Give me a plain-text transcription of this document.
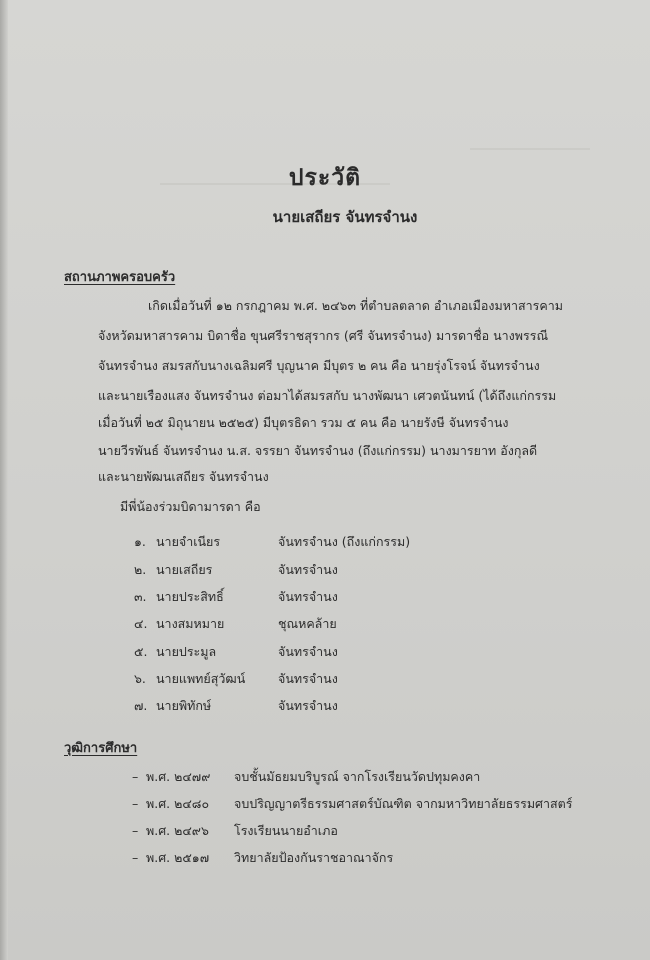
ประวัติ
นายเสถียร จันทรจำนง
สถานภาพครอบครัว
เกิดเมื่อวันที่ ๑๒ กรกฎาคม พ.ศ. ๒๔๖๓ ที่ตำบลตลาด อำเภอเมืองมหาสารคาม
จังหวัดมหาสารคาม บิดาชื่อ ขุนศรีราชสุรากร (ศรี จันทรจำนง) มารดาชื่อ นางพรรณี
จันทรจำนง สมรสกับนางเฉลิมศรี บุญนาค มีบุตร ๒ คน คือ นายรุ่งโรจน์ จันทรจำนง
และนายเรืองแสง จันทรจำนง ต่อมาได้สมรสกับ นางพัฒนา เศวตนันทน์ (ได้ถึงแก่กรรม
เมื่อวันที่ ๒๕ มิถุนายน ๒๕๒๕) มีบุตรธิดา รวม ๕ คน คือ นายรังษี จันทรจำนง
นายวีรพันธ์ จันทรจำนง น.ส. จรรยา จันทรจำนง (ถึงแก่กรรม) นางมารยาท อังกุลดี
และนายพัฒนเสถียร จันทรจำนง
มีพี่น้องร่วมบิดามารดา คือ
๑. นายจำเนียร	จันทรจำนง (ถึงแก่กรรม)
๒. นายเสถียร	จันทรจำนง
๓. นายประสิทธิ์	จันทรจำนง
๔. นางสมหมาย	ชุณหคล้าย
๕. นายประมูล	จันทรจำนง
๖. นายแพทย์สุวัฒน์	จันทรจำนง
๗. นายพิทักษ์	จันทรจำนง
วุฒิการศึกษา
– พ.ศ. ๒๔๗๙ จบชั้นมัธยมบริบูรณ์ จากโรงเรียนวัดปทุมคงคา
– พ.ศ. ๒๔๘๐ จบปริญญาตรีธรรมศาสตร์บัณฑิต จากมหาวิทยาลัยธรรมศาสตร์
– พ.ศ. ๒๔๙๖ โรงเรียนนายอำเภอ
– พ.ศ. ๒๕๑๗ วิทยาลัยป้องกันราชอาณาจักร
